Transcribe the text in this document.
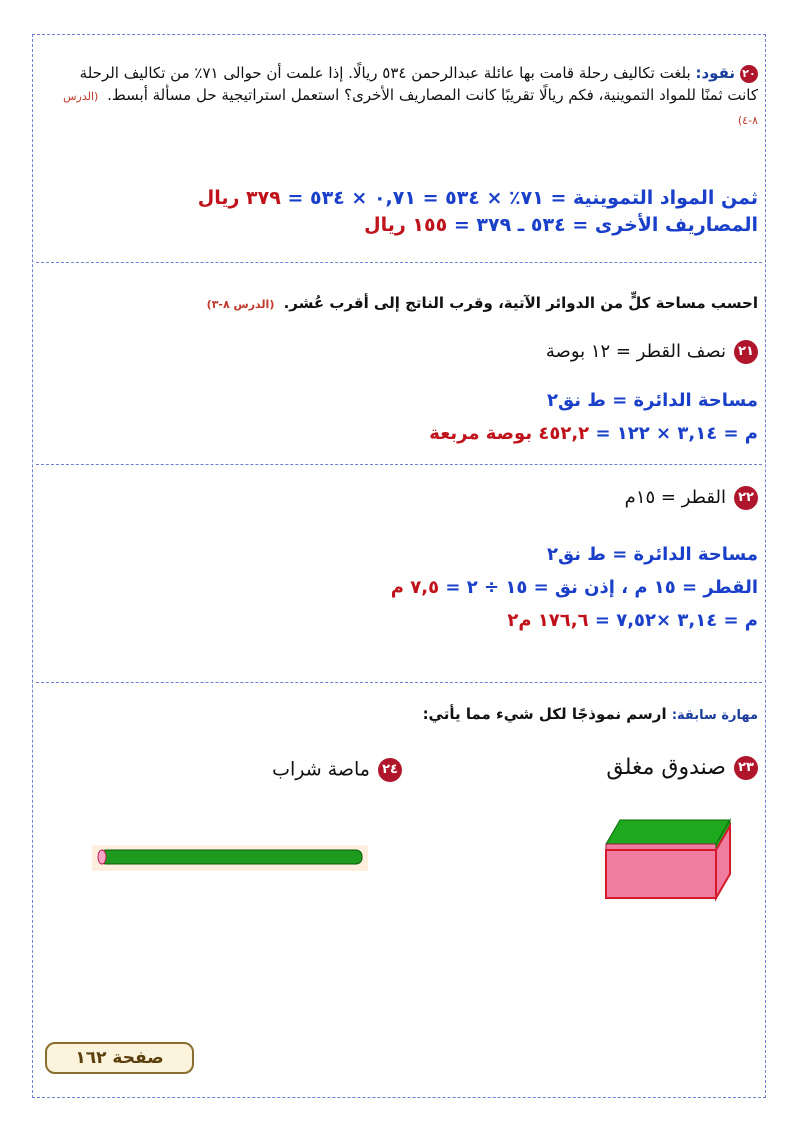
٢٠نقود: بلغت تكاليف رحلة قامت بها عائلة عبدالرحمن ٥٣٤ ريالًا. إذا علمت أن حوالى ٧١٪ من تكاليف الرحلة كانت ثمنًا للمواد التموينية، فكم ريالًا تقريبًا كانت المصاريف الأخرى؟ استعمل استراتيجية حل مسألة أبسط. (الدرس ٨-٤)
ثمن المواد التموينية = ٧١٪ × ٥٣٤ = ٠,٧١ × ٥٣٤ = ٣٧٩ ريال
المصاريف الأخرى = ٥٣٤ ـ ٣٧٩ = ١٥٥ ريال
احسب مساحة كلٍّ من الدوائر الآتية، وقرب الناتج إلى أقرب عُشر. (الدرس ٨-٣)
٢١نصف القطر = ١٢ بوصة
مساحة الدائرة = ط نق٢
م = ٣,١٤ × ١٢٢ = ٤٥٢,٢ بوصة مربعة
٢٢القطر = ١٥م
مساحة الدائرة = ط نق٢
القطر = ١٥ م ، إذن نق = ١٥ ÷ ٢ = ٧,٥ م
م = ٣,١٤ ×٧,٥٢ = ١٧٦,٦ م٢
مهارة سابقة: ارسم نموذجًا لكل شيء مما يأتي:
٢٣صندوق مغلق
٢٤ماصة شراب
صفحة ١٦٢
